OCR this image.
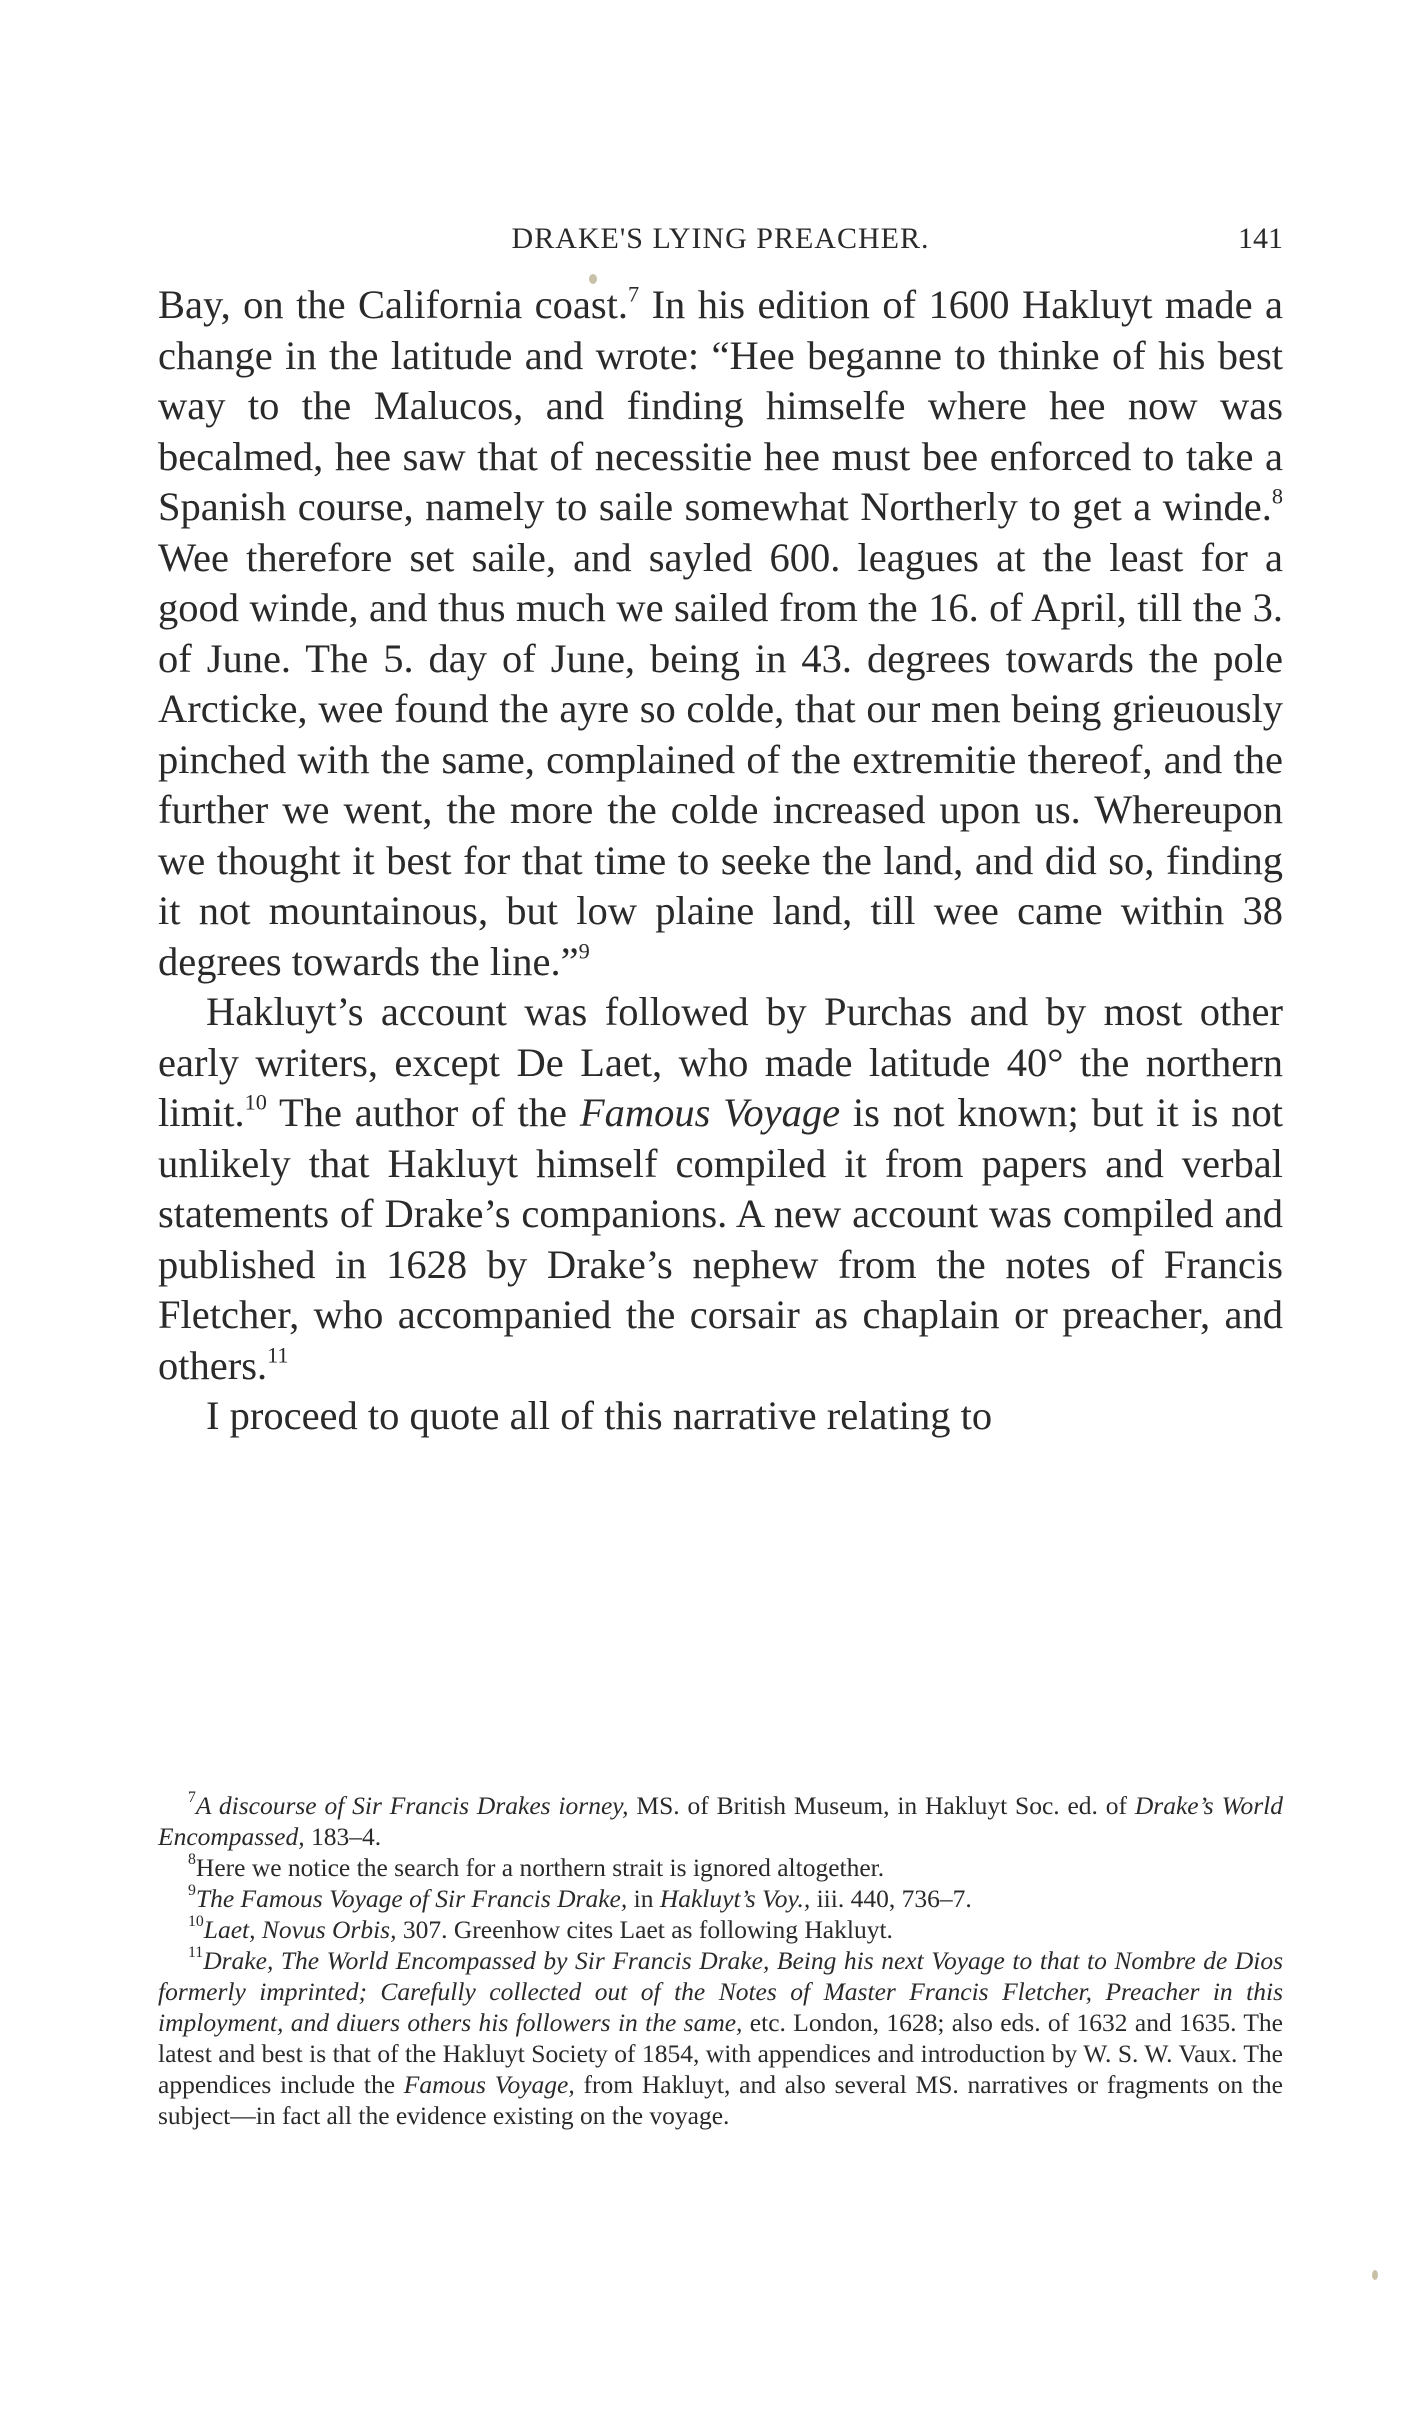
DRAKE'S LYING PREACHER.	141

Bay, on the California coast.$^7$ In his edition of 1600 Hakluyt made a change in the latitude and wrote: “Hee beganne to thinke of his best way to the Malucos, and finding himselfe where hee now was becalmed, hee saw that of necessitie hee must bee enforced to take a Spanish course, namely to saile somewhat Northerly to get a winde.$^8$ Wee therefore set saile, and sayled 600. leagues at the least for a good winde, and thus much we sailed from the 16. of April, till the 3. of June. The 5. day of June, being in 43. degrees towards the pole Arcticke, wee found the ayre so colde, that our men being grieuously pinched with the same, complained of the extremitie thereof, and the further we went, the more the colde increased upon us. Whereupon we thought it best for that time to seeke the land, and did so, finding it not mountainous, but low plaine land, till wee came within 38 degrees towards the line.”$^9$

Hakluyt’s account was followed by Purchas and by most other early writers, except De Laet, who made latitude 40° the northern limit.$^{10}$ The author of the Famous Voyage is not known; but it is not unlikely that Hakluyt himself compiled it from papers and verbal statements of Drake’s companions. A new account was compiled and published in 1628 by Drake’s nephew from the notes of Francis Fletcher, who accompanied the corsair as chaplain or preacher, and others.$^{11}$

I proceed to quote all of this narrative relating to

$^7$A discourse of Sir Francis Drakes iorney, MS. of British Museum, in Hakluyt Soc. ed. of Drake’s World Encompassed, 183–4.

$^8$Here we notice the search for a northern strait is ignored altogether.

$^9$The Famous Voyage of Sir Francis Drake, in Hakluyt’s Voy., iii. 440, 736–7.

$^{10}$Laet, Novus Orbis, 307. Greenhow cites Laet as following Hakluyt.

$^{11}$Drake, The World Encompassed by Sir Francis Drake, Being his next Voyage to that to Nombre de Dios formerly imprinted; Carefully collected out of the Notes of Master Francis Fletcher, Preacher in this imployment, and diuers others his followers in the same, etc. London, 1628; also eds. of 1632 and 1635. The latest and best is that of the Hakluyt Society of 1854, with appendices and introduction by W. S. W. Vaux. The appendices include the Famous Voyage, from Hakluyt, and also several MS. narratives or fragments on the subject—in fact all the evidence existing on the voyage.
